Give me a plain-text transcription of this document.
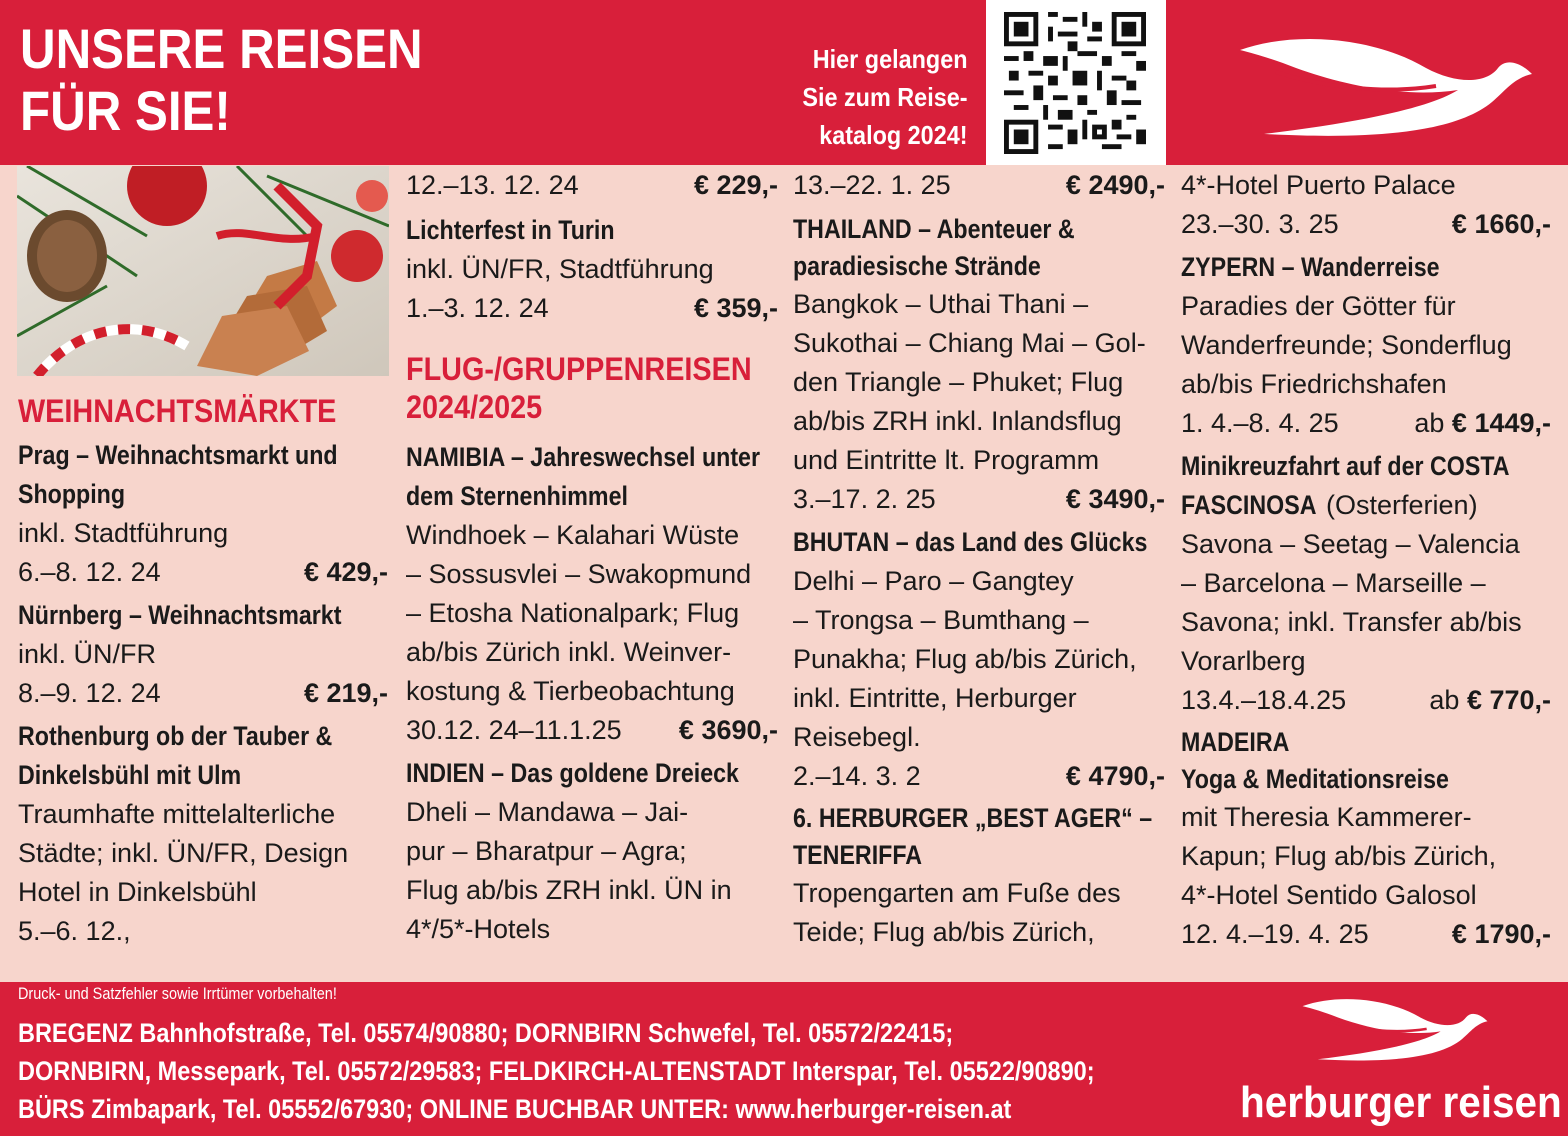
UNSERE REISEN
FÜR SIE!
Hier gelangen
Sie zum Reise-
katalog 2024!
WEIHNACHTSMÄRKTE
Prag – Weihnachtsmarkt und
Shopping
inkl. Stadtführung
6.–8. 12. 24	€ 429,-
Nürnberg – Weihnachtsmarkt
inkl. ÜN/FR
8.–9. 12. 24	€ 219,-
Rothenburg ob der Tauber &
Dinkelsbühl mit Ulm
Traumhafte mittelalterliche
Städte; inkl. ÜN/FR, Design
Hotel in Dinkelsbühl
5.–6. 12.,
12.–13. 12. 24	€ 229,-
Lichterfest in Turin
inkl. ÜN/FR, Stadtführung
1.–3. 12. 24	€ 359,-
FLUG-/GRUPPENREISEN
2024/2025
NAMIBIA – Jahreswechsel unter
dem Sternenhimmel
Windhoek – Kalahari Wüste
– Sossusvlei – Swakopmund
– Etosha Nationalpark; Flug
ab/bis Zürich inkl. Weinver-
kostung & Tierbeobachtung
30.12. 24–11.1.25 € 3690,-
INDIEN – Das goldene Dreieck
Dheli – Mandawa – Jai-
pur – Bharatpur – Agra;
Flug ab/bis ZRH inkl. ÜN in
4*/5*-Hotels
13.–22. 1. 25	€ 2490,-
THAILAND – Abenteuer &
paradiesische Strände
Bangkok – Uthai Thani –
Sukothai – Chiang Mai – Gol-
den Triangle – Phuket; Flug
ab/bis ZRH inkl. Inlandsflug
und Eintritte lt. Programm
3.–17. 2. 25	€ 3490,-
BHUTAN – das Land des Glücks
Delhi – Paro – Gangtey
– Trongsa – Bumthang –
Punakha; Flug ab/bis Zürich,
inkl. Eintritte, Herburger
Reisebegl.
2.–14. 3. 2	€ 4790,-
6. HERBURGER „BEST AGER“ –
TENERIFFA
Tropengarten am Fuße des
Teide; Flug ab/bis Zürich,
4*-Hotel Puerto Palace
23.–30. 3. 25	€ 1660,-
ZYPERN – Wanderreise
Paradies der Götter für
Wanderfreunde; Sonderflug
ab/bis Friedrichshafen
1. 4.–8. 4. 25	ab € 1449,-
Minikreuzfahrt auf der COSTA
FASCINOSA (Osterferien)
Savona – Seetag – Valencia
– Barcelona – Marseille –
Savona; inkl. Transfer ab/bis
Vorarlberg
13.4.–18.4.25	ab € 770,-
MADEIRA
Yoga & Meditationsreise
mit Theresia Kammerer-
Kapun; Flug ab/bis Zürich,
4*-Hotel Sentido Galosol
12. 4.–19. 4. 25	€ 1790,-
Druck- und Satzfehler sowie Irrtümer vorbehalten!
BREGENZ Bahnhofstraße, Tel. 05574/90880; DORNBIRN Schwefel, Tel. 05572/22415;
DORNBIRN, Messepark, Tel. 05572/29583; FELDKIRCH-ALTENSTADT Interspar, Tel. 05522/90890;
BÜRS Zimbapark, Tel. 05552/67930; ONLINE BUCHBAR UNTER: www.herburger-reisen.at	herburger reisen
